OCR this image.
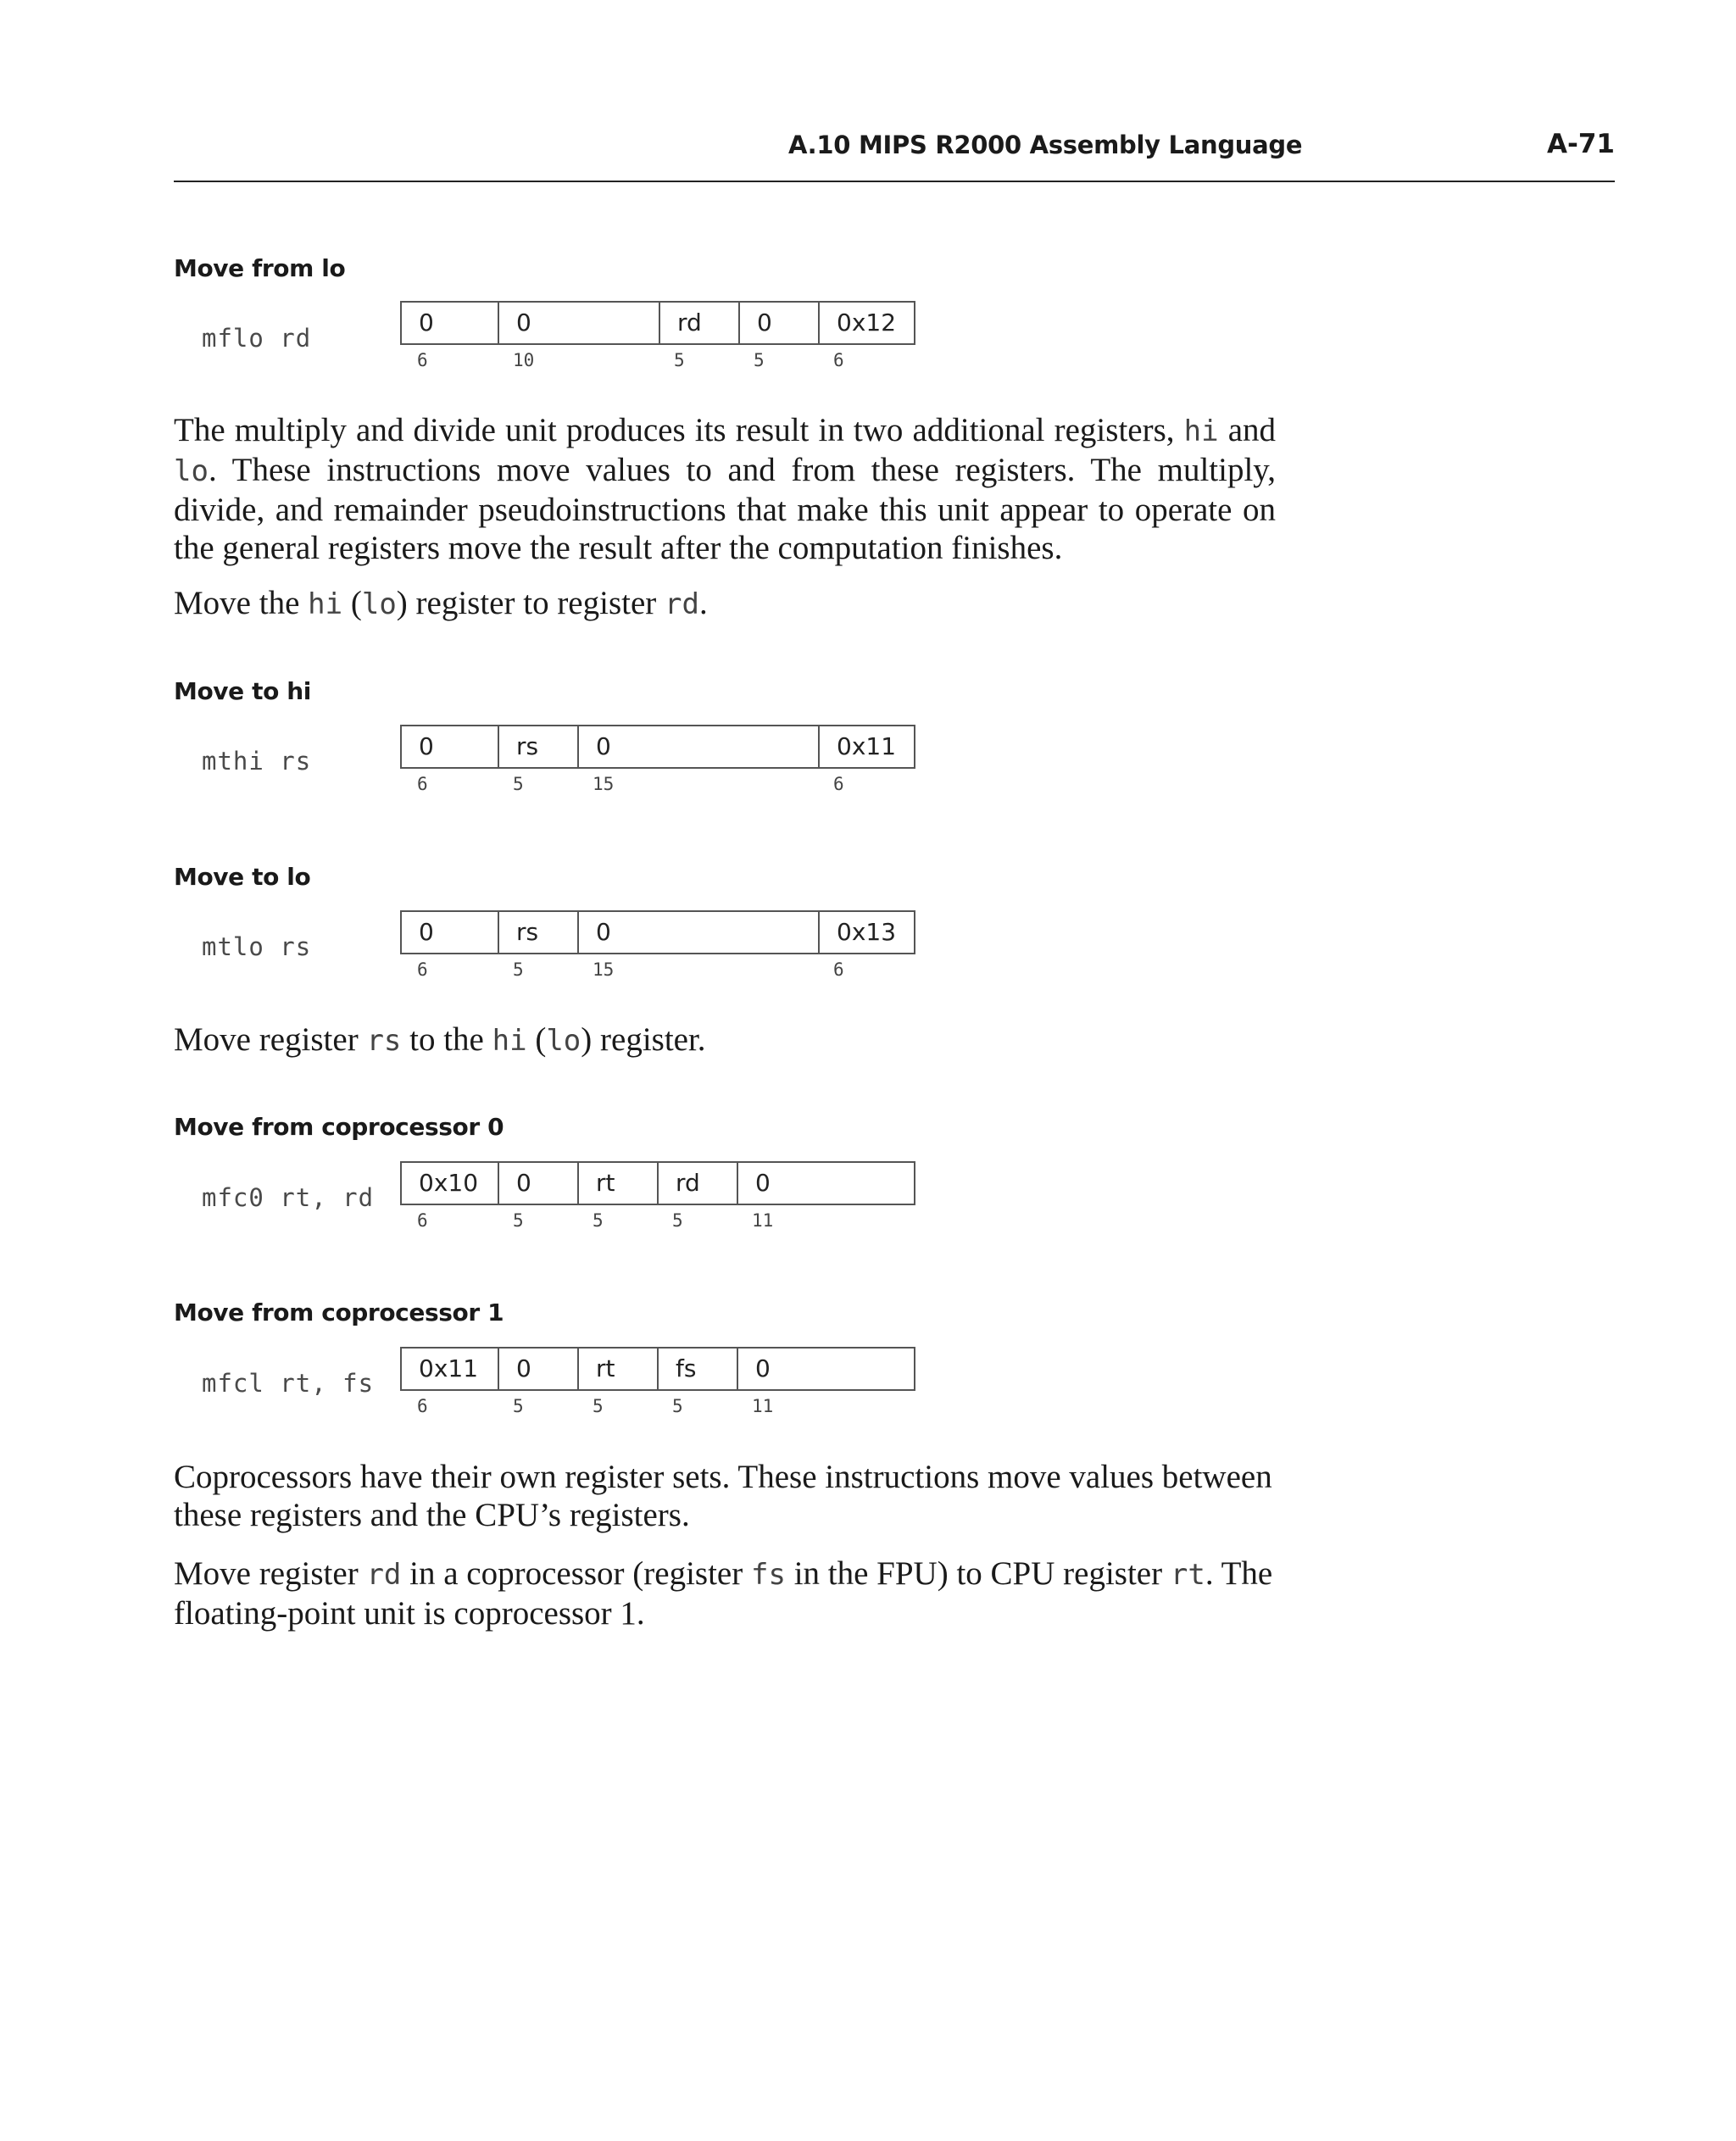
A.10 MIPS R2000 Assembly Language	A-71
Move from lo
mflo rd
0	0	rd	0	0x12
6	10	5	5	6

The multiply and divide unit produces its result in two additional registers, hi and lo. These instructions move values to and from these registers. The multiply, divide, and remainder pseudoinstructions that make this unit appear to operate on the general registers move the result after the computation finishes.

Move the hi (lo) register to register rd.

Move to hi
mthi rs
0	rs	0	0x11
6	5	15	6
Move to lo
mtlo rs
0	rs	0	0x13
6	5	15	6

Move register rs to the hi (lo) register.

Move from coprocessor 0
mfc0 rt, rd
0x10	0	rt	rd	0
6	5	5	5	11
Move from coprocessor 1
mfcl rt, fs
0x11	0	rt	fs	0
6	5	5	5	11

Coprocessors have their own register sets. These instructions move values between these registers and the CPU’s registers.

Move register rd in a coprocessor (register fs in the FPU) to CPU register rt. The floating-point unit is coprocessor 1.
